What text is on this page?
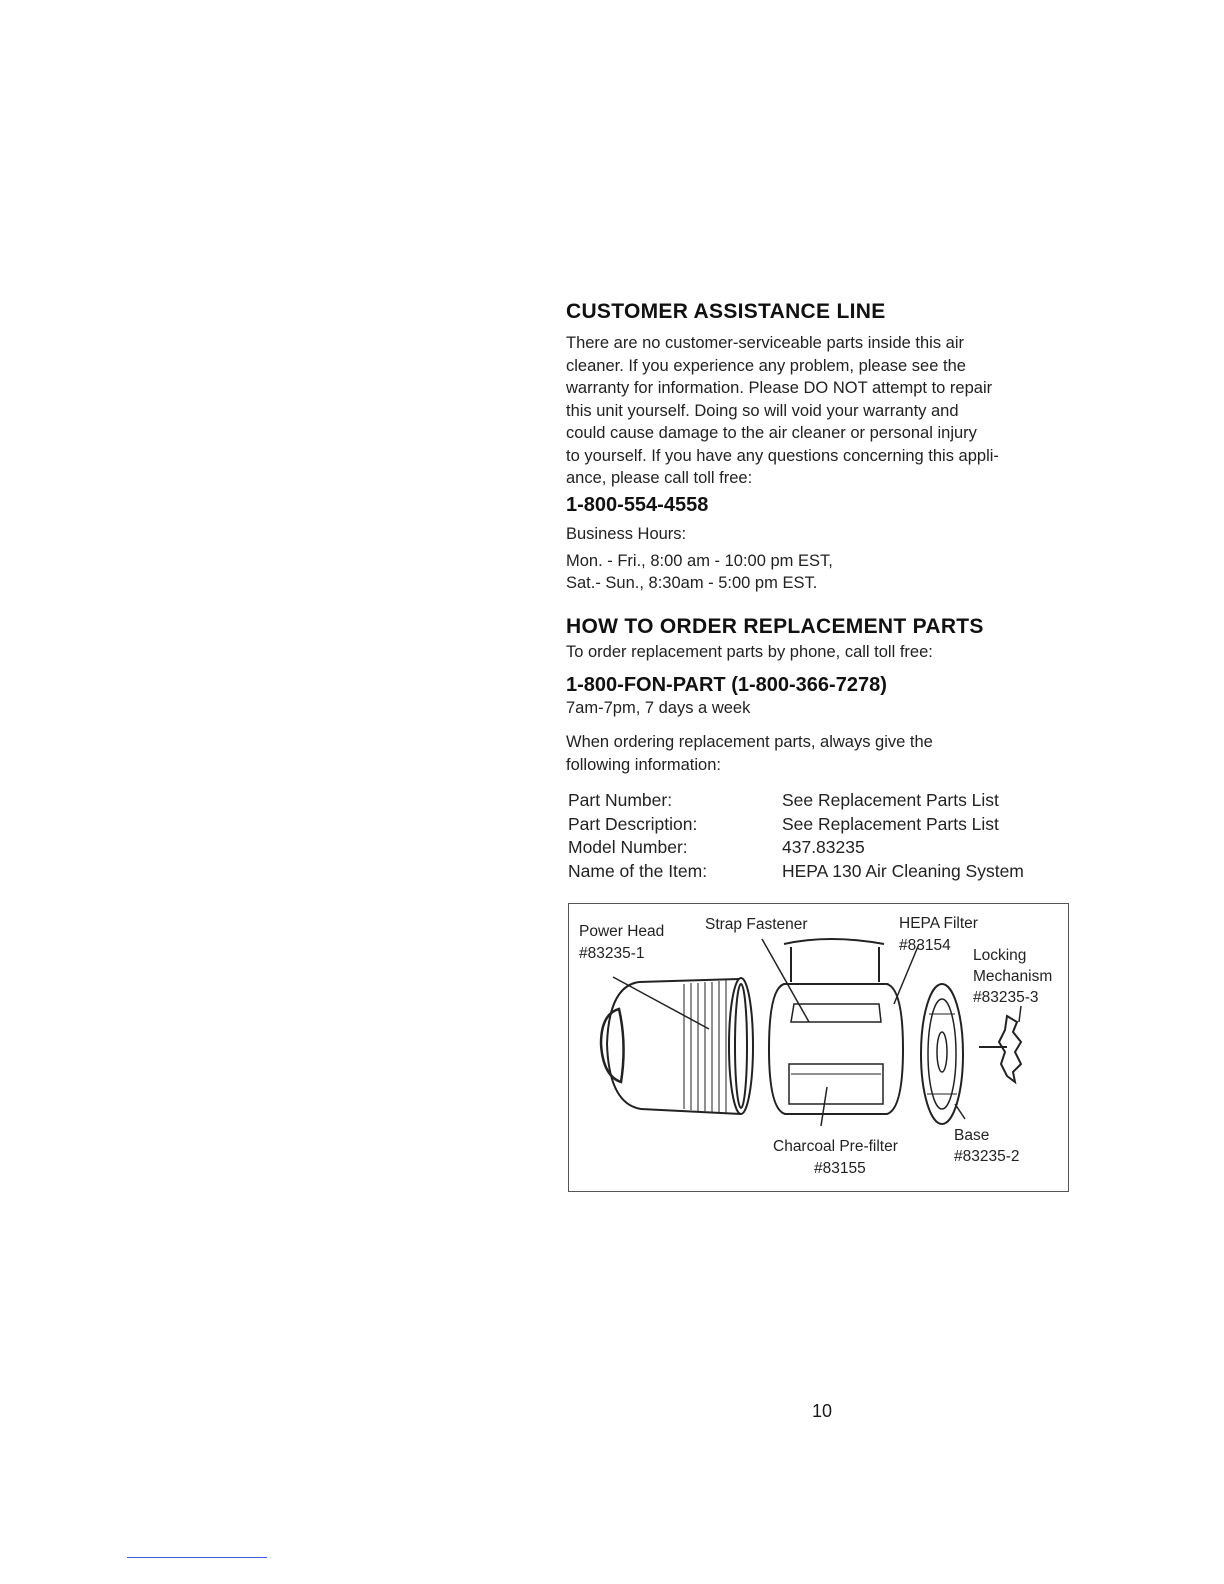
CUSTOMER ASSISTANCE LINE

There are no customer-serviceable parts inside this air

cleaner. If you experience any problem, please see the

warranty for information. Please DO NOT attempt to repair

this unit yourself. Doing so will void your warranty and

could cause damage to the air cleaner or personal injury

to yourself. If you have any questions concerning this appli-

ance, please call toll free:

1-800-554-4558

Business Hours:

Mon. - Fri., 8:00 am - 10:00 pm EST,

Sat.- Sun., 8:30am - 5:00 pm EST.

HOW TO ORDER REPLACEMENT PARTS

To order replacement parts by phone, call toll free:

1-800-FON-PART (1-800-366-7278)

7am-7pm, 7 days a week

When ordering replacement parts, always give the

following information:

Part Number:	See Replacement Parts List
Part Description:	See Replacement Parts List
Model Number:	437.83235
Name of the Item:	HEPA 130 Air Cleaning System
Power Head
#83235-1
Strap Fastener	HEPA Filter
#83154
Locking
Mechanism
#83235-3
Charcoal Pre-filter
#83155
Base
#83235-2
10
